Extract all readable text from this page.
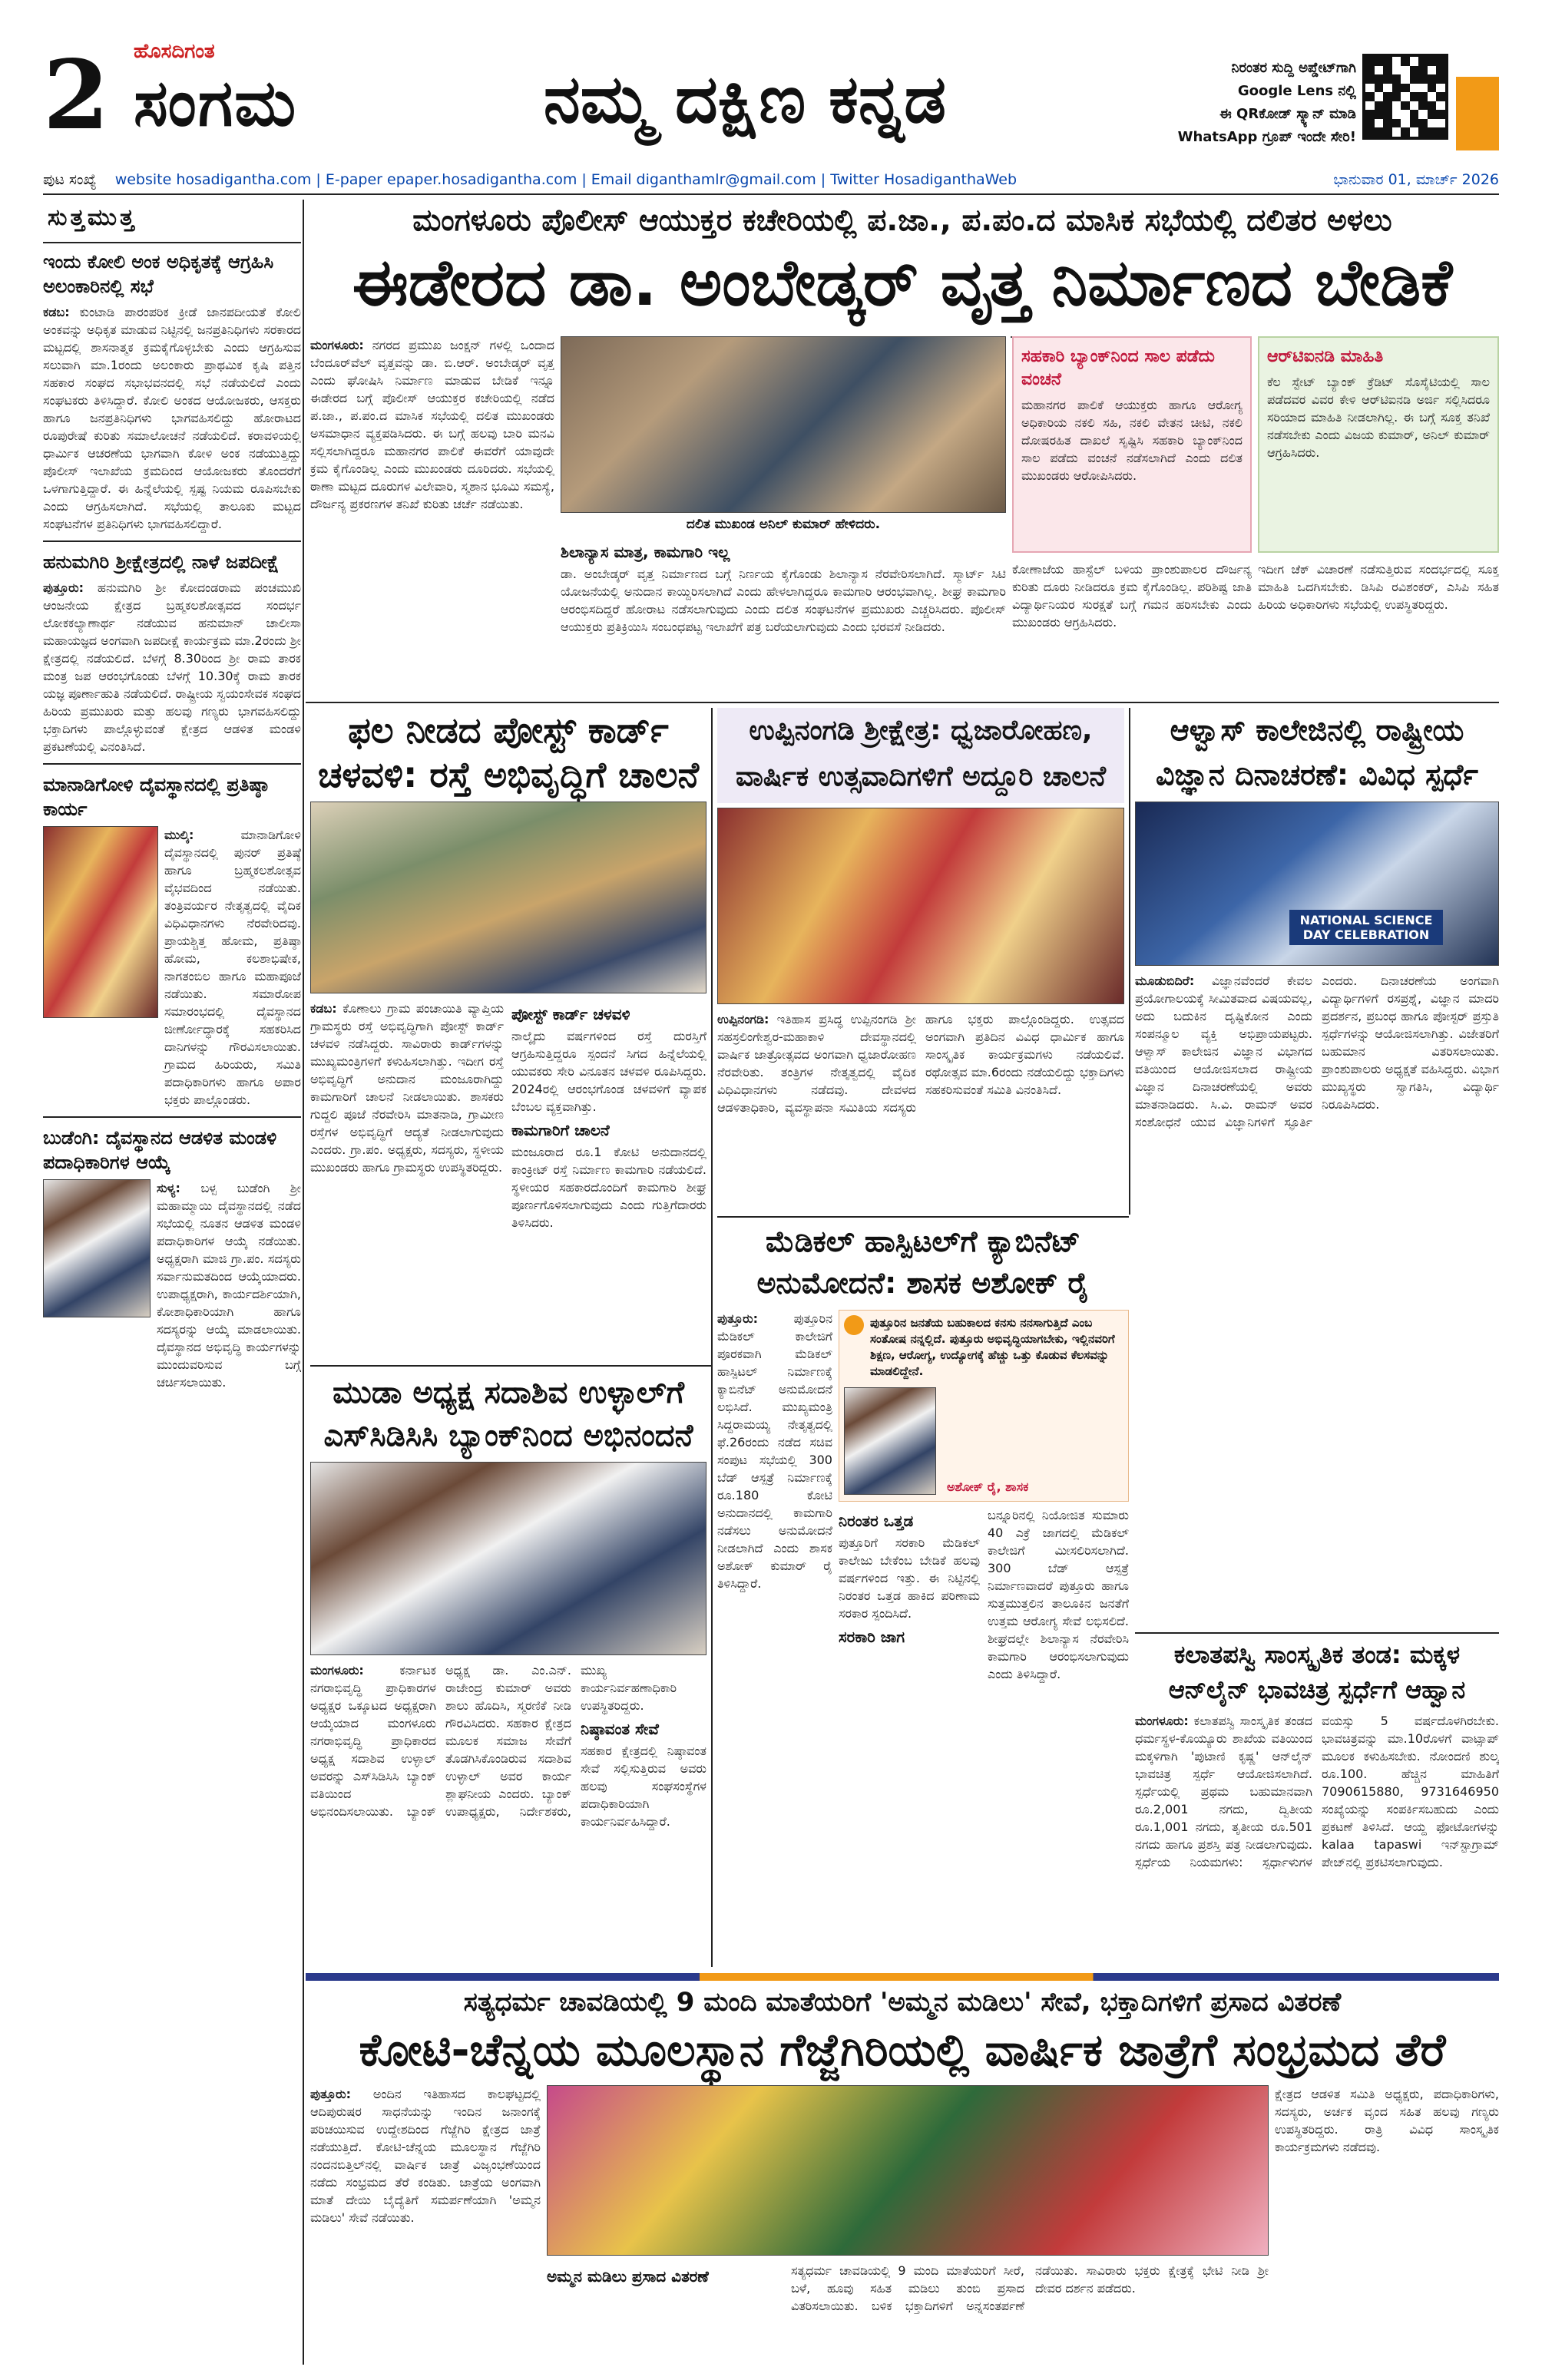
2 ಹೊಸದಿಗಂತ
ಸಂಗಮ	ನಮ್ಮ ದಕ್ಷಿಣ ಕನ್ನಡ	ನಿರಂತರ ಸುದ್ದಿ ಅಪ್ಡೇಟ್‌ಗಾಗಿ
Google Lens ನಲ್ಲಿ
ಈ QRಕೋಡ್ ಸ್ಕ್ಯಾನ್ ಮಾಡಿ
WhatsApp ಗ್ರೂಪ್ ಇಂದೇ ಸೇರಿ!
ಪುಟ ಸಂಖ್ಯೆ website hosadigantha.com | E-paper epaper.hosadigantha.com | Email diganthamlr@gmail.com | Twitter HosadiganthaWeb	ಭಾನುವಾರ 01, ಮಾರ್ಚ್ 2026
ಸುತ್ತಮುತ್ತ
ಇಂದು ಕೋಲಿ ಅಂಕ ಅಧಿಕೃತಕ್ಕೆ ಆಗ್ರಹಿಸಿ ಅಲಂಕಾರಿನಲ್ಲಿ ಸಭೆ
ಕಡಬ: ಕುಂಟಾಡಿ ಪಾರಂಪರಿಕ ಕ್ರೀಡೆ ಜಾನಪದೀಯತೆ ಕೋಲಿ ಅಂಕವನ್ನು ಅಧಿಕೃತ ಮಾಡುವ ನಿಟ್ಟಿನಲ್ಲಿ ಜನಪ್ರತಿನಿಧಿಗಳು ಸರಕಾರದ ಮಟ್ಟದಲ್ಲಿ ಶಾಸನಾತ್ಮಕ ಕ್ರಮಕೈಗೊಳ್ಳಬೇಕು ಎಂದು ಆಗ್ರಹಿಸುವ ಸಲುವಾಗಿ ಮಾ.1ರಂದು ಅಲಂಕಾರು ಪ್ರಾಥಮಿಕ ಕೃಷಿ ಪತ್ತಿನ ಸಹಕಾರ ಸಂಘದ ಸಭಾಭವನದಲ್ಲಿ ಸಭೆ ನಡೆಯಲಿದೆ ಎಂದು ಸಂಘಟಕರು ತಿಳಿಸಿದ್ದಾರೆ. ಕೋಲಿ ಅಂಕದ ಆಯೋಜಕರು, ಆಸಕ್ತರು ಹಾಗೂ ಜನಪ್ರತಿನಿಧಿಗಳು ಭಾಗವಹಿಸಲಿದ್ದು ಹೋರಾಟದ ರೂಪುರೇಷೆ ಕುರಿತು ಸಮಾಲೋಚನೆ ನಡೆಯಲಿದೆ. ಕರಾವಳಿಯಲ್ಲಿ ಧಾರ್ಮಿಕ ಆಚರಣೆಯ ಭಾಗವಾಗಿ ಕೋಳಿ ಅಂಕ ನಡೆಯುತ್ತಿದ್ದು ಪೊಲೀಸ್ ಇಲಾಖೆಯ ಕ್ರಮದಿಂದ ಆಯೋಜಕರು ತೊಂದರೆಗೆ ಒಳಗಾಗುತ್ತಿದ್ದಾರೆ. ಈ ಹಿನ್ನೆಲೆಯಲ್ಲಿ ಸ್ಪಷ್ಟ ನಿಯಮ ರೂಪಿಸಬೇಕು ಎಂದು ಆಗ್ರಹಿಸಲಾಗಿದೆ. ಸಭೆಯಲ್ಲಿ ತಾಲೂಕು ಮಟ್ಟದ ಸಂಘಟನೆಗಳ ಪ್ರತಿನಿಧಿಗಳು ಭಾಗವಹಿಸಲಿದ್ದಾರೆ.
ಹನುಮಗಿರಿ ಶ್ರೀಕ್ಷೇತ್ರದಲ್ಲಿ ನಾಳೆ ಜಪದೀಕ್ಷೆ
ಪುತ್ತೂರು: ಹನುಮಗಿರಿ ಶ್ರೀ ಕೋದಂಡರಾಮ ಪಂಚಮುಖಿ ಆಂಜನೇಯ ಕ್ಷೇತ್ರದ ಬ್ರಹ್ಮಕಲಶೋತ್ಸವದ ಸಂದರ್ಭ ಲೋಕಕಲ್ಯಾಣಾರ್ಥ ನಡೆಯುವ ಹನುಮಾನ್ ಚಾಲೀಸಾ ಮಹಾಯಜ್ಞದ ಅಂಗವಾಗಿ ಜಪದೀಕ್ಷೆ ಕಾರ್ಯಕ್ರಮ ಮಾ.2ರಂದು ಶ್ರೀ ಕ್ಷೇತ್ರದಲ್ಲಿ ನಡೆಯಲಿದೆ. ಬೆಳಗ್ಗೆ 8.30ರಿಂದ ಶ್ರೀ ರಾಮ ತಾರಕ ಮಂತ್ರ ಜಪ ಆರಂಭಗೊಂಡು ಬೆಳಗ್ಗೆ 10.30ಕ್ಕೆ ರಾಮ ತಾರಕ ಯಜ್ಞ ಪೂರ್ಣಾಹುತಿ ನಡೆಯಲಿದೆ. ರಾಷ್ಟ್ರೀಯ ಸ್ವಯಂಸೇವಕ ಸಂಘದ ಹಿರಿಯ ಪ್ರಮುಖರು ಮತ್ತು ಹಲವು ಗಣ್ಯರು ಭಾಗವಹಿಸಲಿದ್ದು ಭಕ್ತಾದಿಗಳು ಪಾಲ್ಗೊಳ್ಳುವಂತೆ ಕ್ಷೇತ್ರದ ಆಡಳಿತ ಮಂಡಳಿ ಪ್ರಕಟಣೆಯಲ್ಲಿ ವಿನಂತಿಸಿದೆ.
ಮಾನಾಡಿಗೋಳಿ ದೈವಸ್ಥಾನದಲ್ಲಿ ಪ್ರತಿಷ್ಠಾ ಕಾರ್ಯ
ಮುಲ್ಕಿ:	ಮಾನಾಡಿಗೋಳಿ ದೈವಸ್ಥಾನದಲ್ಲಿ ಪುನರ್ ಪ್ರತಿಷ್ಠೆ ಹಾಗೂ ಬ್ರಹ್ಮಕಲಶೋತ್ಸವ ವೈಭವದಿಂದ ನಡೆಯಿತು. ತಂತ್ರಿವರ್ಯರ ನೇತೃತ್ವದಲ್ಲಿ ವೈದಿಕ ವಿಧಿವಿಧಾನಗಳು ನೆರವೇರಿದವು. ಪ್ರಾಯಶ್ಚಿತ್ತ ಹೋಮ, ಪ್ರತಿಷ್ಠಾ ಹೋಮ, ಕಲಶಾಭಿಷೇಕ, ನಾಗತಂಬಿಲ ಹಾಗೂ ಮಹಾಪೂಜೆ ನಡೆಯಿತು. ಸಮಾರೋಪ ಸಮಾರಂಭದಲ್ಲಿ ದೈವಸ್ಥಾನದ ಜೀರ್ಣೋದ್ಧಾರಕ್ಕೆ ಸಹಕರಿಸಿದ ದಾನಿಗಳನ್ನು ಗೌರವಿಸಲಾಯಿತು. ಗ್ರಾಮದ ಹಿರಿಯರು, ಸಮಿತಿ ಪದಾಧಿಕಾರಿಗಳು ಹಾಗೂ ಅಪಾರ ಭಕ್ತರು ಪಾಲ್ಗೊಂಡರು.
ಬುಡೆಂಗಿ: ದೈವಸ್ಥಾನದ ಆಡಳಿತ ಮಂಡಳಿ ಪದಾಧಿಕಾರಿಗಳ ಆಯ್ಕೆ
ಸುಳ್ಯ: ಬಳ್ಪ ಬುಡೆಂಗಿ ಶ್ರೀ ಮಹಾಮ್ಮಾಯಿ ದೈವಸ್ಥಾನದಲ್ಲಿ ನಡೆದ ಸಭೆಯಲ್ಲಿ ನೂತನ ಆಡಳಿತ ಮಂಡಳಿ ಪದಾಧಿಕಾರಿಗಳ ಆಯ್ಕೆ ನಡೆಯಿತು. ಅಧ್ಯಕ್ಷರಾಗಿ ಮಾಜಿ ಗ್ರಾ.ಪಂ. ಸದಸ್ಯರು ಸರ್ವಾನುಮತದಿಂದ ಆಯ್ಕೆಯಾದರು. ಉಪಾಧ್ಯಕ್ಷರಾಗಿ, ಕಾರ್ಯದರ್ಶಿಯಾಗಿ, ಕೋಶಾಧಿಕಾರಿಯಾಗಿ ಹಾಗೂ ಸದಸ್ಯರನ್ನು ಆಯ್ಕೆ ಮಾಡಲಾಯಿತು. ದೈವಸ್ಥಾನದ ಅಭಿವೃದ್ಧಿ ಕಾರ್ಯಗಳನ್ನು ಮುಂದುವರಿಸುವ ಬಗ್ಗೆ ಚರ್ಚಿಸಲಾಯಿತು.
ಮಂಗಳೂರು ಪೊಲೀಸ್ ಆಯುಕ್ತರ ಕಚೇರಿಯಲ್ಲಿ ಪ.ಜಾ., ಪ.ಪಂ.ದ ಮಾಸಿಕ ಸಭೆಯಲ್ಲಿ ದಲಿತರ ಅಳಲು
ಈಡೇರದ ಡಾ. ಅಂಬೇಡ್ಕರ್ ವೃತ್ತ ನಿರ್ಮಾಣದ ಬೇಡಿಕೆ
ಮಂಗಳೂರು: ನಗರದ ಪ್ರಮುಖ ಜಂಕ್ಷನ್ ಗಳಲ್ಲಿ ಒಂದಾದ ಬೆಂದೂರ್‌ವೆಲ್ ವೃತ್ತವನ್ನು ಡಾ. ಬಿ.ಆರ್. ಅಂಬೇಡ್ಕರ್ ವೃತ್ತ ಎಂದು ಘೋಷಿಸಿ ನಿರ್ಮಾಣ ಮಾಡುವ ಬೇಡಿಕೆ ಇನ್ನೂ ಈಡೇರದ ಬಗ್ಗೆ ಪೊಲೀಸ್ ಆಯುಕ್ತರ ಕಚೇರಿಯಲ್ಲಿ ನಡೆದ ಪ.ಜಾ., ಪ.ಪಂ.ದ ಮಾಸಿಕ ಸಭೆಯಲ್ಲಿ ದಲಿತ ಮುಖಂಡರು ಅಸಮಾಧಾನ ವ್ಯಕ್ತಪಡಿಸಿದರು. ಈ ಬಗ್ಗೆ ಹಲವು ಬಾರಿ ಮನವಿ ಸಲ್ಲಿಸಲಾಗಿದ್ದರೂ ಮಹಾನಗರ ಪಾಲಿಕೆ ಈವರೆಗೆ ಯಾವುದೇ ಕ್ರಮ ಕೈಗೊಂಡಿಲ್ಲ ಎಂದು ಮುಖಂಡರು ದೂರಿದರು. ಸಭೆಯಲ್ಲಿ ಠಾಣಾ ಮಟ್ಟದ ದೂರುಗಳ ವಿಲೇವಾರಿ, ಸ್ಮಶಾನ ಭೂಮಿ ಸಮಸ್ಯೆ, ದೌರ್ಜನ್ಯ ಪ್ರಕರಣಗಳ ತನಿಖೆ ಕುರಿತು ಚರ್ಚೆ ನಡೆಯಿತು.
ದಲಿತ ಮುಖಂಡ ಅನಿಲ್ ಕುಮಾರ್ ಹೇಳಿದರು.
ಶಿಲಾನ್ಯಾಸ ಮಾತ್ರ, ಕಾಮಗಾರಿ ಇಲ್ಲ
ಡಾ. ಅಂಬೇಡ್ಕರ್ ವೃತ್ತ ನಿರ್ಮಾಣದ ಬಗ್ಗೆ ನಿರ್ಣಯ ಕೈಗೊಂಡು ಶಿಲಾನ್ಯಾಸ ನೆರವೇರಿಸಲಾಗಿದೆ. ಸ್ಮಾರ್ಟ್ ಸಿಟಿ ಯೋಜನೆಯಲ್ಲಿ ಅನುದಾನ ಕಾಯ್ದಿರಿಸಲಾಗಿದೆ ಎಂದು ಹೇಳಲಾಗಿದ್ದರೂ ಕಾಮಗಾರಿ ಆರಂಭವಾಗಿಲ್ಲ. ಶೀಘ್ರ ಕಾಮಗಾರಿ ಆರಂಭಿಸದಿದ್ದರೆ ಹೋರಾಟ ನಡೆಸಲಾಗುವುದು ಎಂದು ದಲಿತ ಸಂಘಟನೆಗಳ ಪ್ರಮುಖರು ಎಚ್ಚರಿಸಿದರು. ಪೊಲೀಸ್ ಆಯುಕ್ತರು ಪ್ರತಿಕ್ರಿಯಿಸಿ ಸಂಬಂಧಪಟ್ಟ ಇಲಾಖೆಗೆ ಪತ್ರ ಬರೆಯಲಾಗುವುದು ಎಂದು ಭರವಸೆ ನೀಡಿದರು.
ಸಹಕಾರಿ ಬ್ಯಾಂಕ್‌ನಿಂದ ಸಾಲ ಪಡೆದು ವಂಚನೆ
ಮಹಾನಗರ ಪಾಲಿಕೆ ಆಯುಕ್ತರು ಹಾಗೂ ಆರೋಗ್ಯ ಅಧಿಕಾರಿಯ ನಕಲಿ ಸಹಿ, ನಕಲಿ ವೇತನ ಚೀಟಿ, ನಕಲಿ ದೋಷರಹಿತ ದಾಖಲೆ ಸೃಷ್ಟಿಸಿ ಸಹಕಾರಿ ಬ್ಯಾಂಕ್‌ನಿಂದ ಸಾಲ ಪಡೆದು ವಂಚನೆ ನಡೆಸಲಾಗಿದೆ ಎಂದು ದಲಿತ ಮುಖಂಡರು ಆರೋಪಿಸಿದರು.
ಆರ್‌ಟಿಐನಡಿ ಮಾಹಿತಿ
ಕೆಲ ಸ್ಟೇಟ್ ಬ್ಯಾಂಕ್ ಕ್ರೆಡಿಟ್ ಸೊಸೈಟಿಯಲ್ಲಿ ಸಾಲ ಪಡೆದವರ ವಿವರ ಕೇಳಿ ಆರ್‌ಟಿಐನಡಿ ಅರ್ಜಿ ಸಲ್ಲಿಸಿದರೂ ಸರಿಯಾದ ಮಾಹಿತಿ ನೀಡಲಾಗಿಲ್ಲ. ಈ ಬಗ್ಗೆ ಸೂಕ್ತ ತನಿಖೆ ನಡೆಸಬೇಕು ಎಂದು ವಿಜಯ ಕುಮಾರ್, ಅನಿಲ್ ಕುಮಾರ್ ಆಗ್ರಹಿಸಿದರು.
ಕೋಣಾಜೆಯ ಹಾಸ್ಟೆಲ್ ಬಳಿಯ ಪ್ರಾಂಶುಪಾಲರ ದೌರ್ಜನ್ಯ ಕುರಿತು ದೂರು ನೀಡಿದರೂ ಕ್ರಮ ಕೈಗೊಂಡಿಲ್ಲ. ಪರಿಶಿಷ್ಟ ಜಾತಿ ವಿದ್ಯಾರ್ಥಿನಿಯರ ಸುರಕ್ಷತೆ ಬಗ್ಗೆ ಗಮನ ಹರಿಸಬೇಕು ಎಂದು ಮುಖಂಡರು ಆಗ್ರಹಿಸಿದರು.
ಇದೀಗ ಚೆಕ್ ವಿಚಾರಣೆ ನಡೆಸುತ್ತಿರುವ ಸಂದರ್ಭದಲ್ಲಿ ಸೂಕ್ತ ಮಾಹಿತಿ ಒದಗಿಸಬೇಕು. ಡಿಸಿಪಿ ರವಿಶಂಕರ್, ಎಸಿಪಿ ಸಹಿತ ಹಿರಿಯ ಅಧಿಕಾರಿಗಳು ಸಭೆಯಲ್ಲಿ ಉಪಸ್ಥಿತರಿದ್ದರು.
ಫಲ ನೀಡದ ಪೋಸ್ಟ್ ಕಾರ್ಡ್
ಚಳವಳಿ: ರಸ್ತೆ ಅಭಿವೃದ್ಧಿಗೆ ಚಾಲನೆ
ಕಡಬ: ಕೊಣಾಲು ಗ್ರಾಮ ಪಂಚಾಯಿತಿ ವ್ಯಾಪ್ತಿಯ ಗ್ರಾಮಸ್ಥರು ರಸ್ತೆ ಅಭಿವೃದ್ಧಿಗಾಗಿ ಪೋಸ್ಟ್ ಕಾರ್ಡ್ ಚಳವಳಿ ನಡೆಸಿದ್ದರು. ಸಾವಿರಾರು ಕಾರ್ಡ್‌ಗಳನ್ನು ಮುಖ್ಯಮಂತ್ರಿಗಳಿಗೆ ಕಳುಹಿಸಲಾಗಿತ್ತು. ಇದೀಗ ರಸ್ತೆ ಅಭಿವೃದ್ಧಿಗೆ ಅನುದಾನ ಮಂಜೂರಾಗಿದ್ದು ಕಾಮಗಾರಿಗೆ ಚಾಲನೆ ನೀಡಲಾಯಿತು. ಶಾಸಕರು ಗುದ್ದಲಿ ಪೂಜೆ ನೆರವೇರಿಸಿ ಮಾತನಾಡಿ, ಗ್ರಾಮೀಣ ರಸ್ತೆಗಳ ಅಭಿವೃದ್ಧಿಗೆ ಆದ್ಯತೆ ನೀಡಲಾಗುವುದು ಎಂದರು. ಗ್ರಾ.ಪಂ. ಅಧ್ಯಕ್ಷರು, ಸದಸ್ಯರು, ಸ್ಥಳೀಯ ಮುಖಂಡರು ಹಾಗೂ ಗ್ರಾಮಸ್ಥರು ಉಪಸ್ಥಿತರಿದ್ದರು.
ಪೋಸ್ಟ್ ಕಾರ್ಡ್ ಚಳವಳಿ
ನಾಲ್ಕೈದು ವರ್ಷಗಳಿಂದ ರಸ್ತೆ ದುರಸ್ತಿಗೆ ಆಗ್ರಹಿಸುತ್ತಿದ್ದರೂ ಸ್ಪಂದನೆ ಸಿಗದ ಹಿನ್ನೆಲೆಯಲ್ಲಿ ಯುವಕರು ಸೇರಿ ವಿನೂತನ ಚಳವಳಿ ರೂಪಿಸಿದ್ದರು. 2024ರಲ್ಲಿ ಆರಂಭಗೊಂಡ ಚಳವಳಿಗೆ ವ್ಯಾಪಕ ಬೆಂಬಲ ವ್ಯಕ್ತವಾಗಿತ್ತು.
ಕಾಮಗಾರಿಗೆ ಚಾಲನೆ
ಮಂಜೂರಾದ ರೂ.1 ಕೋಟಿ ಅನುದಾನದಲ್ಲಿ ಕಾಂಕ್ರೀಟ್ ರಸ್ತೆ ನಿರ್ಮಾಣ ಕಾಮಗಾರಿ ನಡೆಯಲಿದೆ. ಸ್ಥಳೀಯರ ಸಹಕಾರದೊಂದಿಗೆ ಕಾಮಗಾರಿ ಶೀಘ್ರ ಪೂರ್ಣಗೊಳಿಸಲಾಗುವುದು ಎಂದು ಗುತ್ತಿಗೆದಾರರು ತಿಳಿಸಿದರು.
ಉಪ್ಪಿನಂಗಡಿ ಶ್ರೀಕ್ಷೇತ್ರ: ಧ್ವಜಾರೋಹಣ,
ವಾರ್ಷಿಕ ಉತ್ಸವಾದಿಗಳಿಗೆ ಅದ್ದೂರಿ ಚಾಲನೆ
ಉಪ್ಪಿನಂಗಡಿ: ಇತಿಹಾಸ ಪ್ರಸಿದ್ಧ ಉಪ್ಪಿನಂಗಡಿ ಶ್ರೀ ಸಹಸ್ರಲಿಂಗೇಶ್ವರ-ಮಹಾಕಾಳಿ ದೇವಸ್ಥಾನದಲ್ಲಿ ವಾರ್ಷಿಕ ಜಾತ್ರೋತ್ಸವದ ಅಂಗವಾಗಿ ಧ್ವಜಾರೋಹಣ ನೆರವೇರಿತು. ತಂತ್ರಿಗಳ ನೇತೃತ್ವದಲ್ಲಿ ವೈದಿಕ ವಿಧಿವಿಧಾನಗಳು ನಡೆದವು. ದೇವಳದ ಆಡಳಿತಾಧಿಕಾರಿ, ವ್ಯವಸ್ಥಾಪನಾ ಸಮಿತಿಯ ಸದಸ್ಯರು ಹಾಗೂ ಭಕ್ತರು ಪಾಲ್ಗೊಂಡಿದ್ದರು. ಉತ್ಸವದ ಅಂಗವಾಗಿ ಪ್ರತಿದಿನ ವಿವಿಧ ಧಾರ್ಮಿಕ ಹಾಗೂ ಸಾಂಸ್ಕೃತಿಕ ಕಾರ್ಯಕ್ರಮಗಳು ನಡೆಯಲಿವೆ. ರಥೋತ್ಸವ ಮಾ.6ರಂದು ನಡೆಯಲಿದ್ದು ಭಕ್ತಾದಿಗಳು ಸಹಕರಿಸುವಂತೆ ಸಮಿತಿ ವಿನಂತಿಸಿದೆ.
ಆಳ್ವಾಸ್ ಕಾಲೇಜಿನಲ್ಲಿ ರಾಷ್ಟ್ರೀಯ
ವಿಜ್ಞಾನ ದಿನಾಚರಣೆ: ವಿವಿಧ ಸ್ಪರ್ಧೆ
NATIONAL SCIENCE DAY CELEBRATION
ಮೂಡುಬಿದಿರೆ: ವಿಜ್ಞಾನವೆಂದರೆ ಕೇವಲ ಪ್ರಯೋಗಾಲಯಕ್ಕೆ ಸೀಮಿತವಾದ ವಿಷಯವಲ್ಲ, ಅದು ಬದುಕಿನ ದೃಷ್ಟಿಕೋನ ಎಂದು ಸಂಪನ್ಮೂಲ ವ್ಯಕ್ತಿ ಅಭಿಪ್ರಾಯಪಟ್ಟರು. ಆಳ್ವಾಸ್ ಕಾಲೇಜಿನ ವಿಜ್ಞಾನ ವಿಭಾಗದ ವತಿಯಿಂದ ಆಯೋಜಿಸಲಾದ ರಾಷ್ಟ್ರೀಯ ವಿಜ್ಞಾನ ದಿನಾಚರಣೆಯಲ್ಲಿ ಅವರು ಮಾತನಾಡಿದರು. ಸಿ.ವಿ. ರಾಮನ್ ಅವರ ಸಂಶೋಧನೆ ಯುವ ವಿಜ್ಞಾನಿಗಳಿಗೆ ಸ್ಫೂರ್ತಿ ಎಂದರು. ದಿನಾಚರಣೆಯ ಅಂಗವಾಗಿ ವಿದ್ಯಾರ್ಥಿಗಳಿಗೆ ರಸಪ್ರಶ್ನೆ, ವಿಜ್ಞಾನ ಮಾದರಿ ಪ್ರದರ್ಶನ, ಪ್ರಬಂಧ ಹಾಗೂ ಪೋಸ್ಟರ್ ಪ್ರಸ್ತುತಿ ಸ್ಪರ್ಧೆಗಳನ್ನು ಆಯೋಜಿಸಲಾಗಿತ್ತು. ವಿಜೇತರಿಗೆ ಬಹುಮಾನ ವಿತರಿಸಲಾಯಿತು. ಪ್ರಾಂಶುಪಾಲರು ಅಧ್ಯಕ್ಷತೆ ವಹಿಸಿದ್ದರು. ವಿಭಾಗ ಮುಖ್ಯಸ್ಥರು ಸ್ವಾಗತಿಸಿ, ವಿದ್ಯಾರ್ಥಿ ನಿರೂಪಿಸಿದರು.
ಮೆಡಿಕಲ್ ಹಾಸ್ಪಿಟಲ್‌ಗೆ ಕ್ಯಾಬಿನೆಟ್
ಅನುಮೋದನೆ: ಶಾಸಕ ಅಶೋಕ್ ರೈ
ಪುತ್ತೂರು:	ಪುತ್ತೂರಿನ ಮೆಡಿಕಲ್ ಕಾಲೇಜಿಗೆ ಪೂರಕವಾಗಿ ಮೆಡಿಕಲ್ ಹಾಸ್ಪಿಟಲ್ ನಿರ್ಮಾಣಕ್ಕೆ ಕ್ಯಾಬಿನೆಟ್ ಅನುಮೋದನೆ ಲಭಿಸಿದೆ. ಮುಖ್ಯಮಂತ್ರಿ ಸಿದ್ದರಾಮಯ್ಯ ನೇತೃತ್ವದಲ್ಲಿ ಫೆ.26ರಂದು ನಡೆದ ಸಚಿವ ಸಂಪುಟ ಸಭೆಯಲ್ಲಿ 300 ಬೆಡ್ ಆಸ್ಪತ್ರೆ ನಿರ್ಮಾಣಕ್ಕೆ ರೂ.180 ಕೋಟಿ ಅನುದಾನದಲ್ಲಿ ಕಾಮಗಾರಿ ನಡೆಸಲು ಅನುಮೋದನೆ ನೀಡಲಾಗಿದೆ ಎಂದು ಶಾಸಕ ಅಶೋಕ್ ಕುಮಾರ್ ರೈ ತಿಳಿಸಿದ್ದಾರೆ.
ಪುತ್ತೂರಿನ ಜನತೆಯ ಬಹುಕಾಲದ ಕನಸು ನನಸಾಗುತ್ತಿದೆ ಎಂಬ ಸಂತೋಷ ನನ್ನಲ್ಲಿದೆ. ಪುತ್ತೂರು ಅಭಿವೃದ್ಧಿಯಾಗಬೇಕು, ಇಲ್ಲಿನವರಿಗೆ ಶಿಕ್ಷಣ, ಆರೋಗ್ಯ, ಉದ್ಯೋಗಕ್ಕೆ ಹೆಚ್ಚು ಒತ್ತು ಕೊಡುವ ಕೆಲಸವನ್ನು ಮಾಡಲಿದ್ದೇನೆ.
ಅಶೋಕ್ ರೈ, ಶಾಸಕ
ನಿರಂತರ ಒತ್ತಡ
ಪುತ್ತೂರಿಗೆ ಸರಕಾರಿ ಮೆಡಿಕಲ್ ಕಾಲೇಜು ಬೇಕೆಂಬ ಬೇಡಿಕೆ ಹಲವು ವರ್ಷಗಳಿಂದ ಇತ್ತು. ಈ ನಿಟ್ಟಿನಲ್ಲಿ ನಿರಂತರ ಒತ್ತಡ ಹಾಕಿದ ಪರಿಣಾಮ ಸರಕಾರ ಸ್ಪಂದಿಸಿದೆ.
ಸರಕಾರಿ ಜಾಗ
ಬನ್ನೂರಿನಲ್ಲಿ ನಿಯೋಜಿತ ಸುಮಾರು 40 ಎಕ್ರೆ ಜಾಗದಲ್ಲಿ ಮೆಡಿಕಲ್ ಕಾಲೇಜಿಗೆ ಮೀಸಲಿರಿಸಲಾಗಿದೆ. 300 ಬೆಡ್ ಆಸ್ಪತ್ರೆ ನಿರ್ಮಾಣವಾದರೆ ಪುತ್ತೂರು ಹಾಗೂ ಸುತ್ತಮುತ್ತಲಿನ ತಾಲೂಕಿನ ಜನತೆಗೆ ಉತ್ತಮ ಆರೋಗ್ಯ ಸೇವೆ ಲಭಿಸಲಿದೆ. ಶೀಘ್ರದಲ್ಲೇ ಶಿಲಾನ್ಯಾಸ ನೆರವೇರಿಸಿ ಕಾಮಗಾರಿ ಆರಂಭಿಸಲಾಗುವುದು ಎಂದು ತಿಳಿಸಿದ್ದಾರೆ.
ಮುಡಾ ಅಧ್ಯಕ್ಷ ಸದಾಶಿವ ಉಳ್ಳಾಲ್‌ಗೆ
ಎಸ್‌ಸಿಡಿಸಿಸಿ ಬ್ಯಾಂಕ್‌ನಿಂದ ಅಭಿನಂದನೆ
ಮಂಗಳೂರು:	ಕರ್ನಾಟಕ ನಗರಾಭಿವೃದ್ಧಿ ಪ್ರಾಧಿಕಾರಗಳ ಅಧ್ಯಕ್ಷರ ಒಕ್ಕೂಟದ ಅಧ್ಯಕ್ಷರಾಗಿ ಆಯ್ಕೆಯಾದ ಮಂಗಳೂರು ನಗರಾಭಿವೃದ್ಧಿ ಪ್ರಾಧಿಕಾರದ ಅಧ್ಯಕ್ಷ ಸದಾಶಿವ ಉಳ್ಳಾಲ್ ಅವರನ್ನು ಎಸ್‌ಸಿಡಿಸಿಸಿ ಬ್ಯಾಂಕ್ ವತಿಯಿಂದ ಅಭಿನಂದಿಸಲಾಯಿತು. ಬ್ಯಾಂಕ್ ಅಧ್ಯಕ್ಷ ಡಾ. ಎಂ.ಎನ್. ರಾಜೇಂದ್ರ ಕುಮಾರ್ ಅವರು ಶಾಲು ಹೊದಿಸಿ, ಸ್ಮರಣಿಕೆ ನೀಡಿ ಗೌರವಿಸಿದರು. ಸಹಕಾರ ಕ್ಷೇತ್ರದ ಮೂಲಕ ಸಮಾಜ ಸೇವೆಗೆ ತೊಡಗಿಸಿಕೊಂಡಿರುವ ಸದಾಶಿವ ಉಳ್ಳಾಲ್ ಅವರ ಕಾರ್ಯ ಶ್ಲಾಘನೀಯ ಎಂದರು. ಬ್ಯಾಂಕ್ ಉಪಾಧ್ಯಕ್ಷರು, ನಿರ್ದೇಶಕರು, ಮುಖ್ಯ ಕಾರ್ಯನಿರ್ವಹಣಾಧಿಕಾರಿ ಉಪಸ್ಥಿತರಿದ್ದರು.
ನಿಷ್ಠಾವಂತ ಸೇವೆ
ಸಹಕಾರ ಕ್ಷೇತ್ರದಲ್ಲಿ ನಿಷ್ಠಾವಂತ ಸೇವೆ ಸಲ್ಲಿಸುತ್ತಿರುವ ಅವರು ಹಲವು ಸಂಘಸಂಸ್ಥೆಗಳ ಪದಾಧಿಕಾರಿಯಾಗಿ ಕಾರ್ಯನಿರ್ವಹಿಸಿದ್ದಾರೆ.
ಕಲಾತಪಸ್ವಿ ಸಾಂಸ್ಕೃತಿಕ ತಂಡ: ಮಕ್ಕಳ
ಆನ್‌ಲೈನ್ ಭಾವಚಿತ್ರ ಸ್ಪರ್ಧೆಗೆ ಆಹ್ವಾನ
ಮಂಗಳೂರು: ಕಲಾತಪಸ್ವಿ ಸಾಂಸ್ಕೃತಿಕ ತಂಡದ ಧರ್ಮಸ್ಥಳ-ಕೊಯ್ಯೂರು ಶಾಖೆಯ ವತಿಯಿಂದ ಮಕ್ಕಳಿಗಾಗಿ 'ಪುಟಾಣಿ ಕೃಷ್ಣ' ಆನ್‌ಲೈನ್ ಭಾವಚಿತ್ರ ಸ್ಪರ್ಧೆ ಆಯೋಜಿಸಲಾಗಿದೆ. ಸ್ಪರ್ಧೆಯಲ್ಲಿ ಪ್ರಥಮ ಬಹುಮಾನವಾಗಿ ರೂ.2,001 ನಗದು, ದ್ವಿತೀಯ ರೂ.1,001 ನಗದು, ತೃತೀಯ ರೂ.501 ನಗದು ಹಾಗೂ ಪ್ರಶಸ್ತಿ ಪತ್ರ ನೀಡಲಾಗುವುದು. ಸ್ಪರ್ಧೆಯ ನಿಯಮಗಳು: ಸ್ಪರ್ಧಾಳುಗಳ ವಯಸ್ಸು 5 ವರ್ಷದೊಳಗಿರಬೇಕು. ಭಾವಚಿತ್ರವನ್ನು ಮಾ.10ರೊಳಗೆ ವಾಟ್ಸಾಪ್ ಮೂಲಕ ಕಳುಹಿಸಬೇಕು. ನೋಂದಣಿ ಶುಲ್ಕ ರೂ.100. ಹೆಚ್ಚಿನ ಮಾಹಿತಿಗೆ 7090615880, 9731646950 ಸಂಖ್ಯೆಯನ್ನು ಸಂಪರ್ಕಿಸಬಹುದು ಎಂದು ಪ್ರಕಟಣೆ ತಿಳಿಸಿದೆ. ಆಯ್ದ ಫೋಟೋಗಳನ್ನು kalaa tapaswi ಇನ್‌ಸ್ಟಾಗ್ರಾಮ್ ಪೇಜ್‌ನಲ್ಲಿ ಪ್ರಕಟಿಸಲಾಗುವುದು.
ಸತ್ಯಧರ್ಮ ಚಾವಡಿಯಲ್ಲಿ 9 ಮಂದಿ ಮಾತೆಯರಿಗೆ 'ಅಮ್ಮನ ಮಡಿಲು' ಸೇವೆ, ಭಕ್ತಾದಿಗಳಿಗೆ ಪ್ರಸಾದ ವಿತರಣೆ
ಕೋಟಿ-ಚೆನ್ನಯ ಮೂಲಸ್ಥಾನ ಗೆಜ್ಜೆಗಿರಿಯಲ್ಲಿ ವಾರ್ಷಿಕ ಜಾತ್ರೆಗೆ ಸಂಭ್ರಮದ ತೆರೆ
ಪುತ್ತೂರು: ಅಂದಿನ ಇತಿಹಾಸದ ಕಾಲಘಟ್ಟದಲ್ಲಿ ಆದಿಪುರುಷರ ಸಾಧನೆಯನ್ನು ಇಂದಿನ ಜನಾಂಗಕ್ಕೆ ಪರಿಚಯಿಸುವ ಉದ್ದೇಶದಿಂದ ಗೆಜ್ಜೆಗಿರಿ ಕ್ಷೇತ್ರದ ಜಾತ್ರೆ ನಡೆಯುತ್ತಿದೆ. ಕೋಟಿ-ಚೆನ್ನಯ ಮೂಲಸ್ಥಾನ ಗೆಜ್ಜೆಗಿರಿ ನಂದನಬಿತ್ತಿಲ್‌ನಲ್ಲಿ ವಾರ್ಷಿಕ ಜಾತ್ರೆ ವಿಜೃಂಭಣೆಯಿಂದ ನಡೆದು ಸಂಭ್ರಮದ ತೆರೆ ಕಂಡಿತು. ಜಾತ್ರೆಯ ಅಂಗವಾಗಿ ಮಾತೆ ದೇಯಿ ಬೈದ್ಯೆತಿಗೆ ಸಮರ್ಪಣೆಯಾಗಿ 'ಅಮ್ಮನ ಮಡಿಲು' ಸೇವೆ ನಡೆಯಿತು.
ಅಮ್ಮನ ಮಡಿಲು ಪ್ರಸಾದ ವಿತರಣೆ	ಸತ್ಯಧರ್ಮ ಚಾವಡಿಯಲ್ಲಿ 9 ಮಂದಿ ಮಾತೆಯರಿಗೆ ಸೀರೆ, ಬಳೆ, ಹೂವು ಸಹಿತ ಮಡಿಲು ತುಂಬಿ ಪ್ರಸಾದ ವಿತರಿಸಲಾಯಿತು. ಬಳಿಕ ಭಕ್ತಾದಿಗಳಿಗೆ ಅನ್ನಸಂತರ್ಪಣೆ ನಡೆಯಿತು. ಸಾವಿರಾರು ಭಕ್ತರು ಕ್ಷೇತ್ರಕ್ಕೆ ಭೇಟಿ ನೀಡಿ ಶ್ರೀ ದೇವರ ದರ್ಶನ ಪಡೆದರು.
ಕ್ಷೇತ್ರದ ಆಡಳಿತ ಸಮಿತಿ ಅಧ್ಯಕ್ಷರು, ಪದಾಧಿಕಾರಿಗಳು, ಸದಸ್ಯರು, ಅರ್ಚಕ ವೃಂದ ಸಹಿತ ಹಲವು ಗಣ್ಯರು ಉಪಸ್ಥಿತರಿದ್ದರು. ರಾತ್ರಿ ವಿವಿಧ ಸಾಂಸ್ಕೃತಿಕ ಕಾರ್ಯಕ್ರಮಗಳು ನಡೆದವು.
